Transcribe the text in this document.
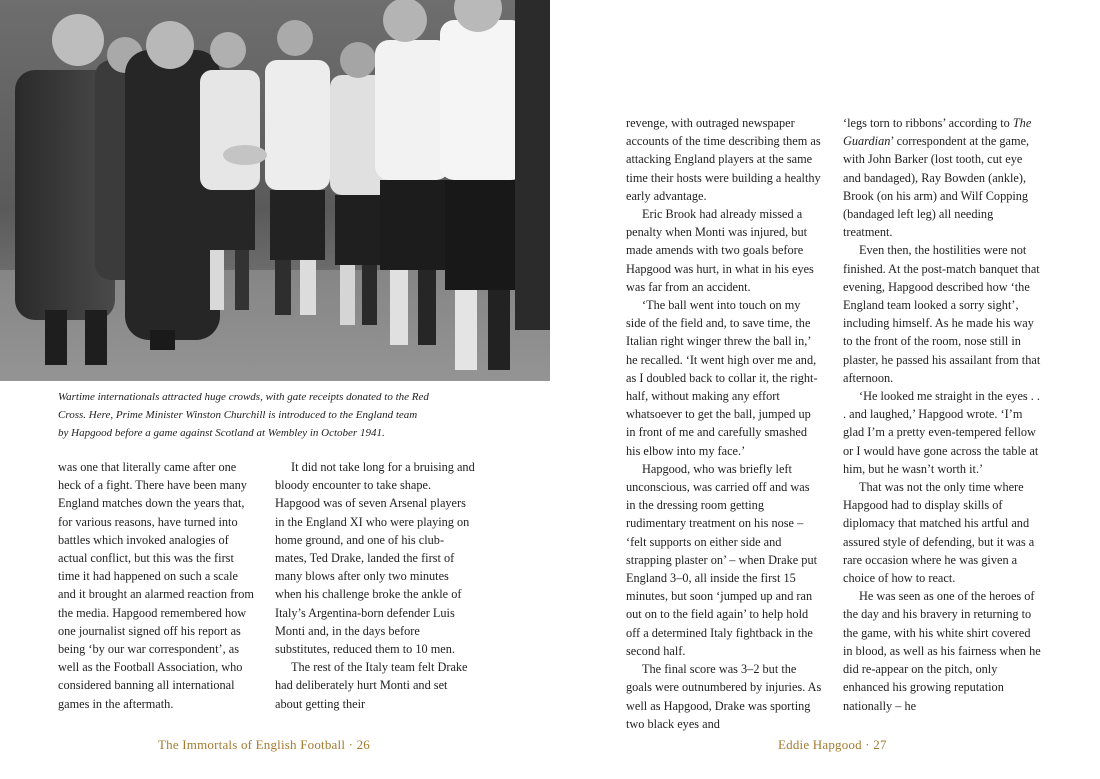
Wartime internationals attracted huge crowds, with gate receipts donated to the Red Cross. Here, Prime Minister Winston Churchill is introduced to the England team by Hapgood before a game against Scotland at Wembley in October 1941.

was one that literally came after one heck of a fight. There have been many England matches down the years that, for various reasons, have turned into battles which invoked analogies of actual conflict, but this was the first time it had happened on such a scale and it brought an alarmed reaction from the media. Hapgood remembered how one journalist signed off his report as being ‘by our war correspondent’, as well as the Football Association, who considered banning all international games in the aftermath.

It did not take long for a bruising and bloody encounter to take shape. Hapgood was of seven Arsenal players in the England XI who were playing on home ground, and one of his club-mates, Ted Drake, landed the first of many blows after only two minutes when his challenge broke the ankle of Italy’s Argentina-born defender Luis Monti and, in the days before substitutes, reduced them to 10 men.

The rest of the Italy team felt Drake had deliberately hurt Monti and set about getting their

The Immortals of English Football · 26

revenge, with outraged newspaper accounts of the time describing them as attacking England players at the same time their hosts were building a healthy early advantage.

Eric Brook had already missed a penalty when Monti was injured, but made amends with two goals before Hapgood was hurt, in what in his eyes was far from an accident.

‘The ball went into touch on my side of the field and, to save time, the Italian right winger threw the ball in,’ he recalled. ‘It went high over me and, as I doubled back to collar it, the right-half, without making any effort whatsoever to get the ball, jumped up in front of me and carefully smashed his elbow into my face.’

Hapgood, who was briefly left unconscious, was carried off and was in the dressing room getting rudimentary treatment on his nose – ‘felt supports on either side and strapping plaster on’ – when Drake put England 3–0, all inside the first 15 minutes, but soon ‘jumped up and ran out on to the field again’ to help hold off a determined Italy fightback in the second half.

The final score was 3–2 but the goals were outnumbered by injuries. As well as Hapgood, Drake was sporting two black eyes and

‘legs torn to ribbons’ according to The Guardian’ correspondent at the game, with John Barker (lost tooth, cut eye and bandaged), Ray Bowden (ankle), Brook (on his arm) and Wilf Copping (bandaged left leg) all needing treatment.

Even then, the hostilities were not finished. At the post-match banquet that evening, Hapgood described how ‘the England team looked a sorry sight’, including himself. As he made his way to the front of the room, nose still in plaster, he passed his assailant from that afternoon.

‘He looked me straight in the eyes . . . and laughed,’ Hapgood wrote. ‘I’m glad I’m a pretty even-tempered fellow or I would have gone across the table at him, but he wasn’t worth it.’

That was not the only time where Hapgood had to display skills of diplomacy that matched his artful and assured style of defending, but it was a rare occasion where he was given a choice of how to react.

He was seen as one of the heroes of the day and his bravery in returning to the game, with his white shirt covered in blood, as well as his fairness when he did re-appear on the pitch, only enhanced his growing reputation nationally – he

Eddie Hapgood · 27
